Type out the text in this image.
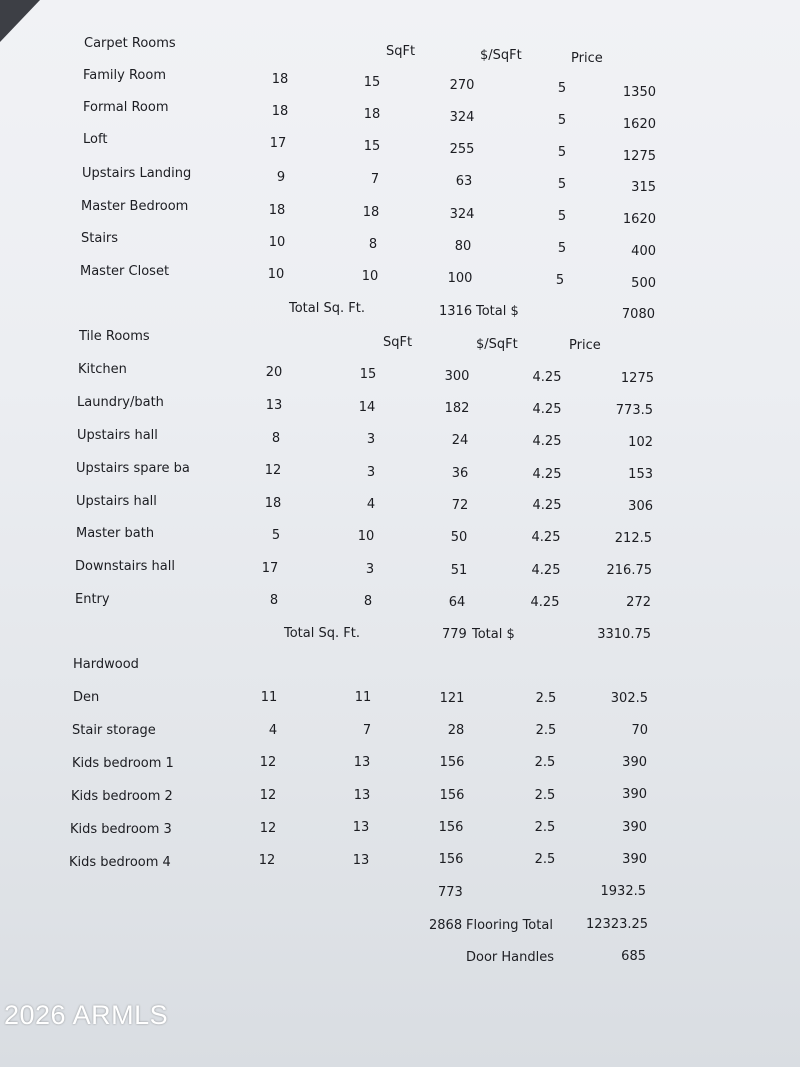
Carpet Rooms
SqFt	$/SqFt	Price
Family Room	18	15	270	5	1350
Formal Room	18	18	324	5	1620
Loft	17	15	255	5	1275
Upstairs Landing	9	7	63	5	315
Master Bedroom	18	18	324	5	1620
Stairs	10	8	80	5	400
Master Closet	10	10	100	5	500
Total Sq. Ft.	1316 Total $	7080
Tile Rooms	SqFt	$/SqFt	Price
Kitchen	20	15	300	4.25	1275
Laundry/bath	13	14	182	4.25	773.5
Upstairs hall	8	3	24	4.25	102
Upstairs spare ba	12	3	36	4.25	153
Upstairs hall	18	4	72	4.25	306
Master bath	5	10	50	4.25	212.5
Downstairs hall	17	3	51	4.25	216.75
Entry	8	8	64	4.25	272
Total Sq. Ft.	779 Total $	3310.75
Hardwood
Den	11	11	121	2.5	302.5
Stair storage	4	7	28	2.5	70
Kids bedroom 1	12	13	156	2.5	390
Kids bedroom 2	12	13	156	2.5	390
Kids bedroom 3	12	13	156	2.5	390
Kids bedroom 4	12	13	156	2.5	390
773	1932.5
2868 Flooring Total	12323.25
Door Handles	685
2026 ARMLS
